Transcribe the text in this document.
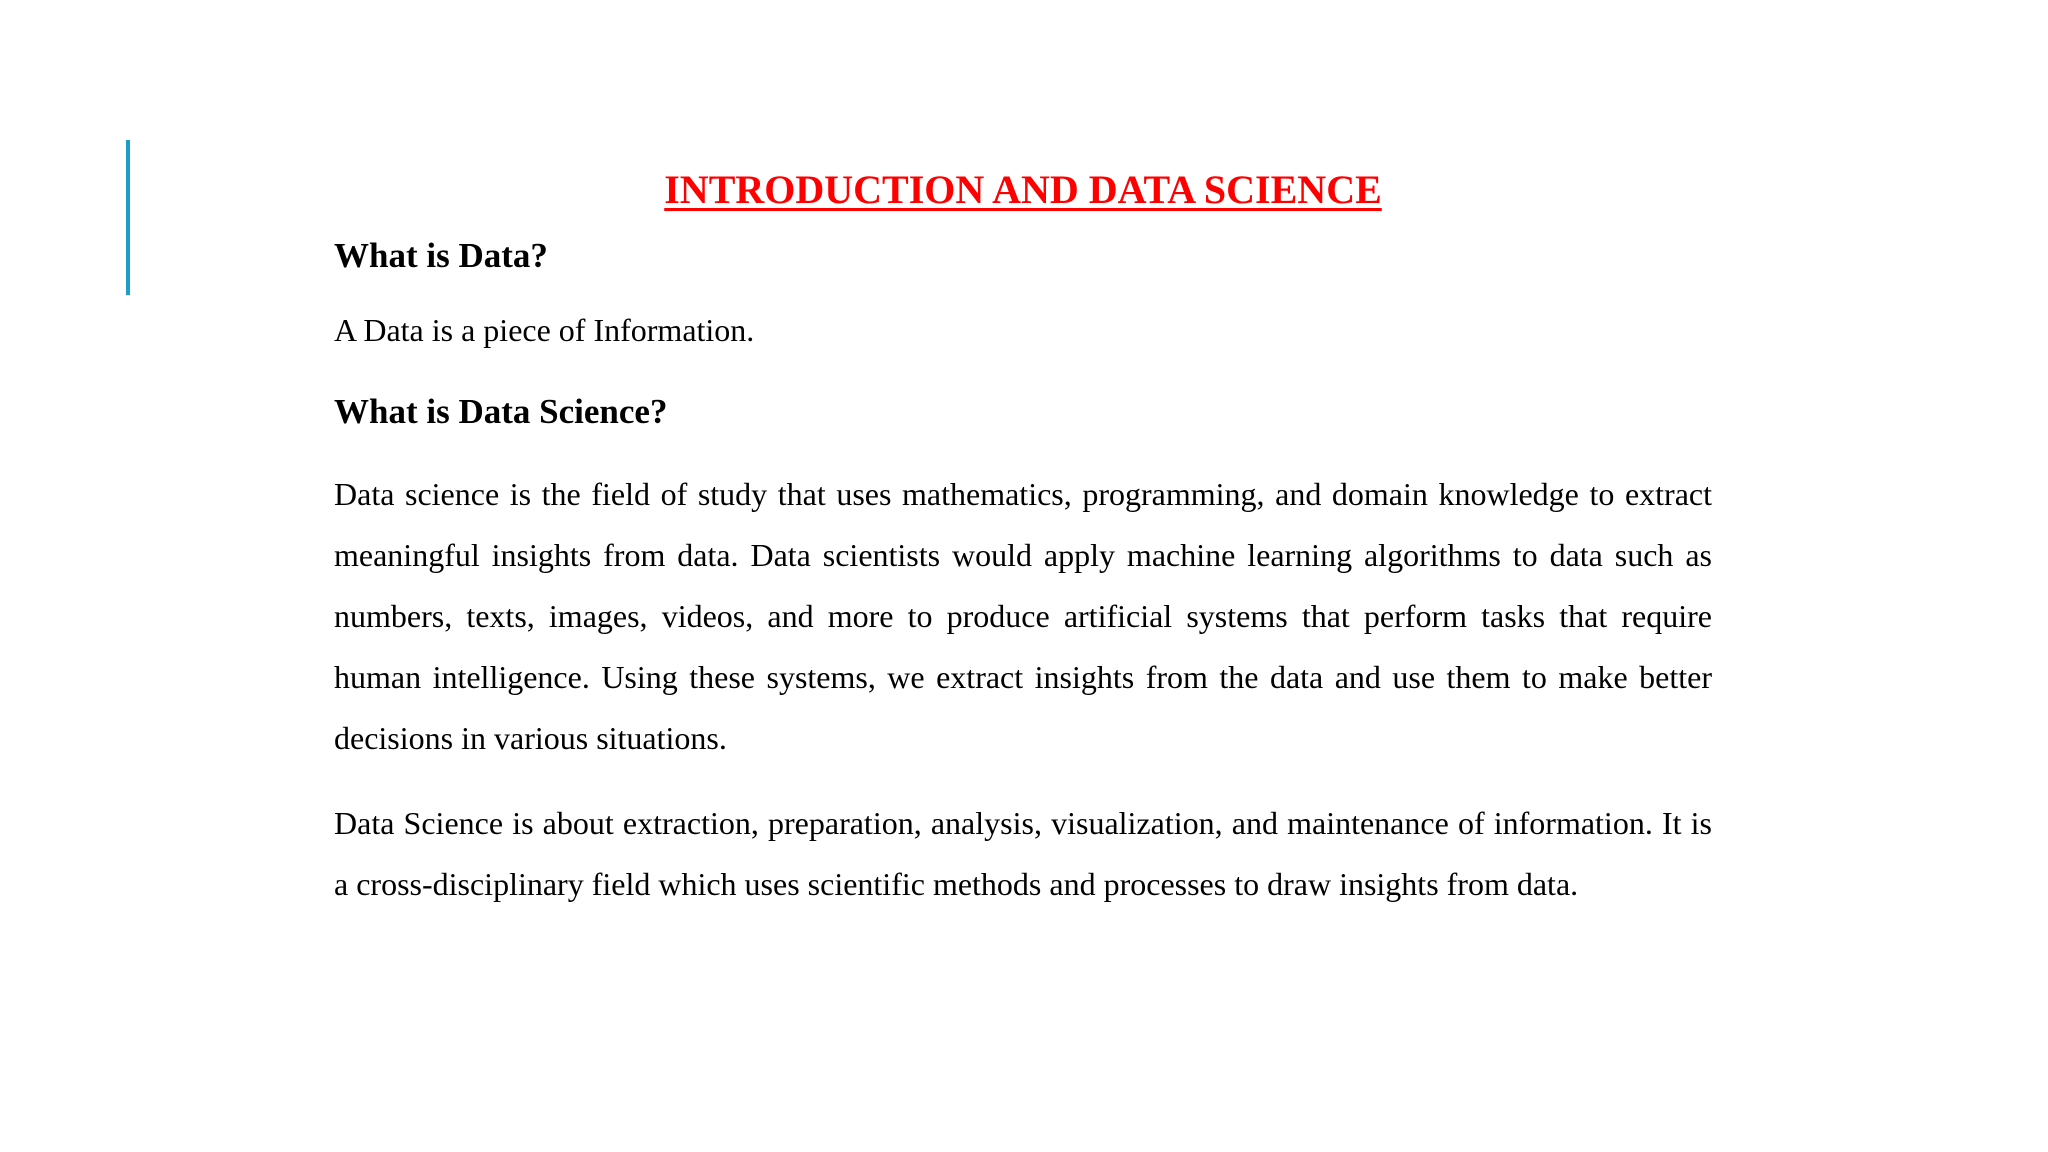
INTRODUCTION AND DATA SCIENCE
What is Data?

A Data is a piece of Information.

What is Data Science?

Data science is the field of study that uses mathematics, programming, and domain knowledge to extract meaningful insights from data. Data scientists would apply machine learning algorithms to data such as numbers, texts, images, videos, and more to produce artificial systems that perform tasks that require human intelligence. Using these systems, we extract insights from the data and use them to make better decisions in various situations.

Data Science is about extraction, preparation, analysis, visualization, and maintenance of information. It is a cross-disciplinary field which uses scientific methods and processes to draw insights from data.
